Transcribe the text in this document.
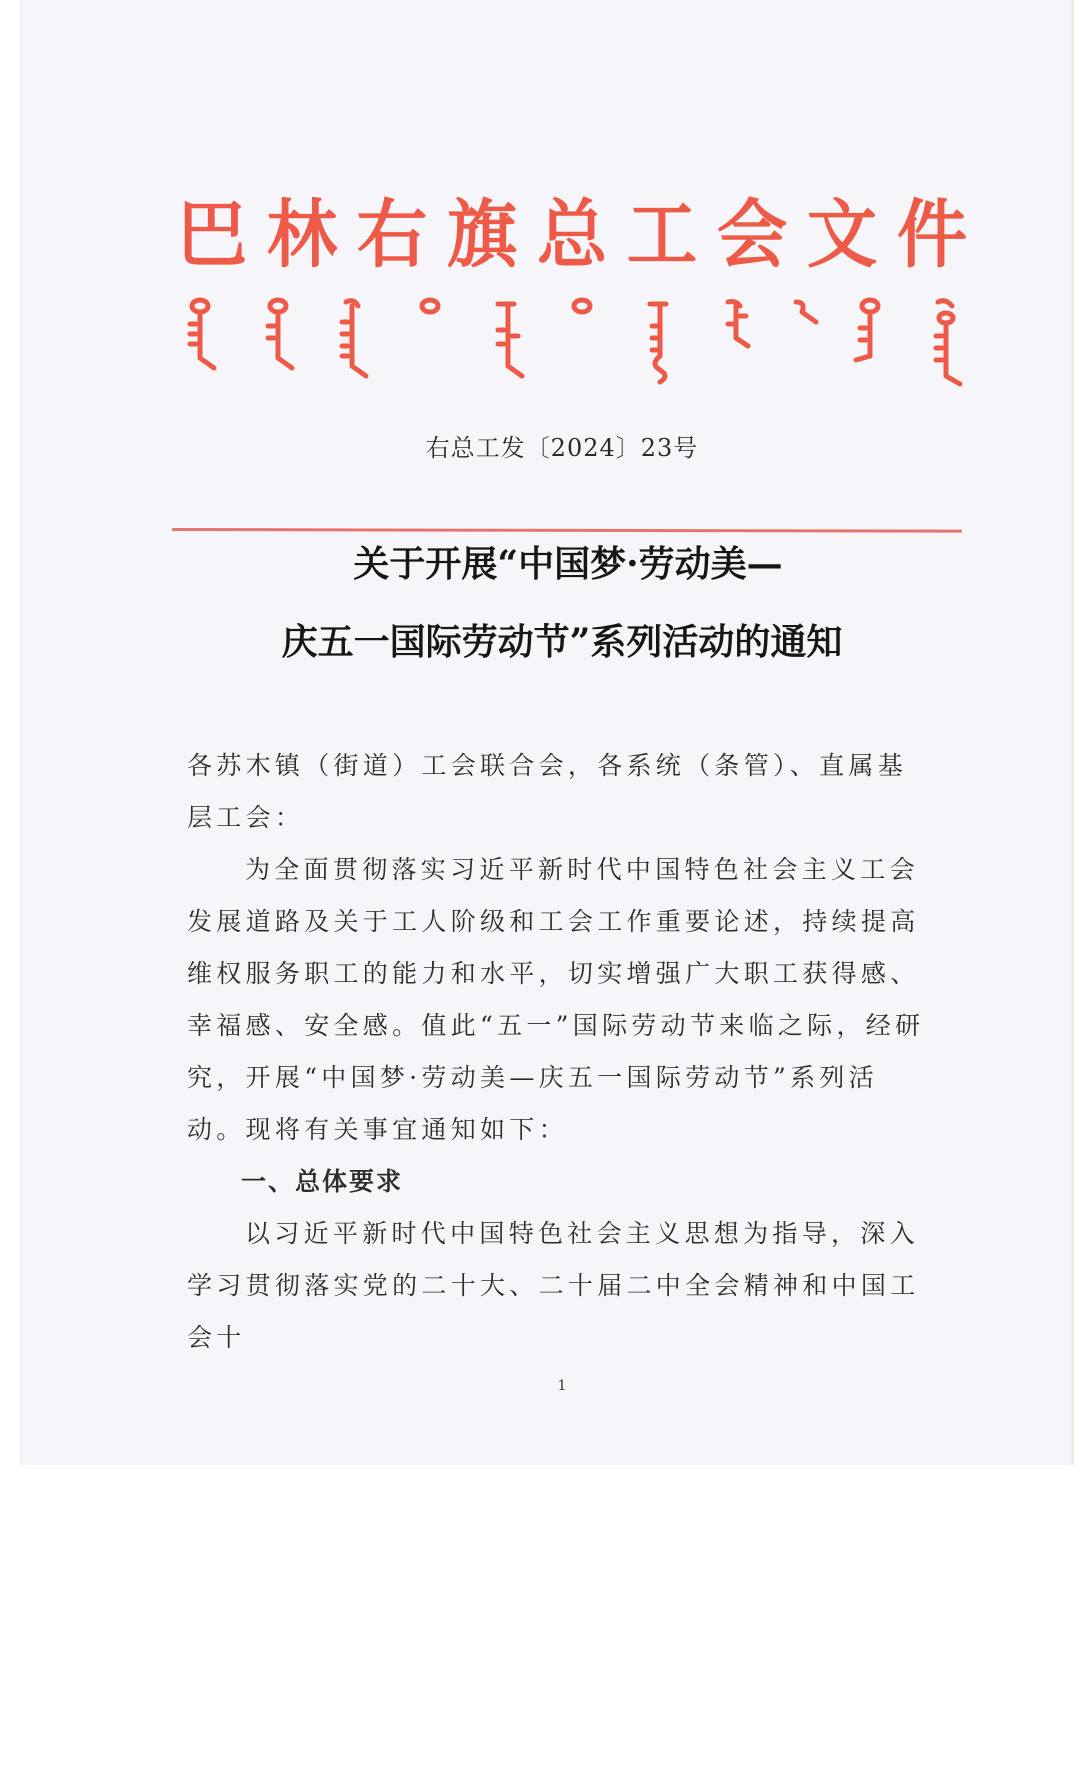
巴 林 右 旗 总 工 会 文 件
右总工发〔2024〕23号
关于开展“中国梦·劳动美—
庆五一国际劳动节”系列活动的通知

各苏木镇（街道）工会联合会，各系统（条管）、直属基层工会：

为全面贯彻落实习近平新时代中国特色社会主义工会发展道路及关于工人阶级和工会工作重要论述，持续提高维权服务职工的能力和水平，切实增强广大职工获得感、幸福感、安全感。值此“五一”国际劳动节来临之际，经研究，开展“中国梦·劳动美—庆五一国际劳动节”系列活动。现将有关事宜通知如下：

一、总体要求

以习近平新时代中国特色社会主义思想为指导，深入学习贯彻落实党的二十大、二十届二中全会精神和中国工会十

1
